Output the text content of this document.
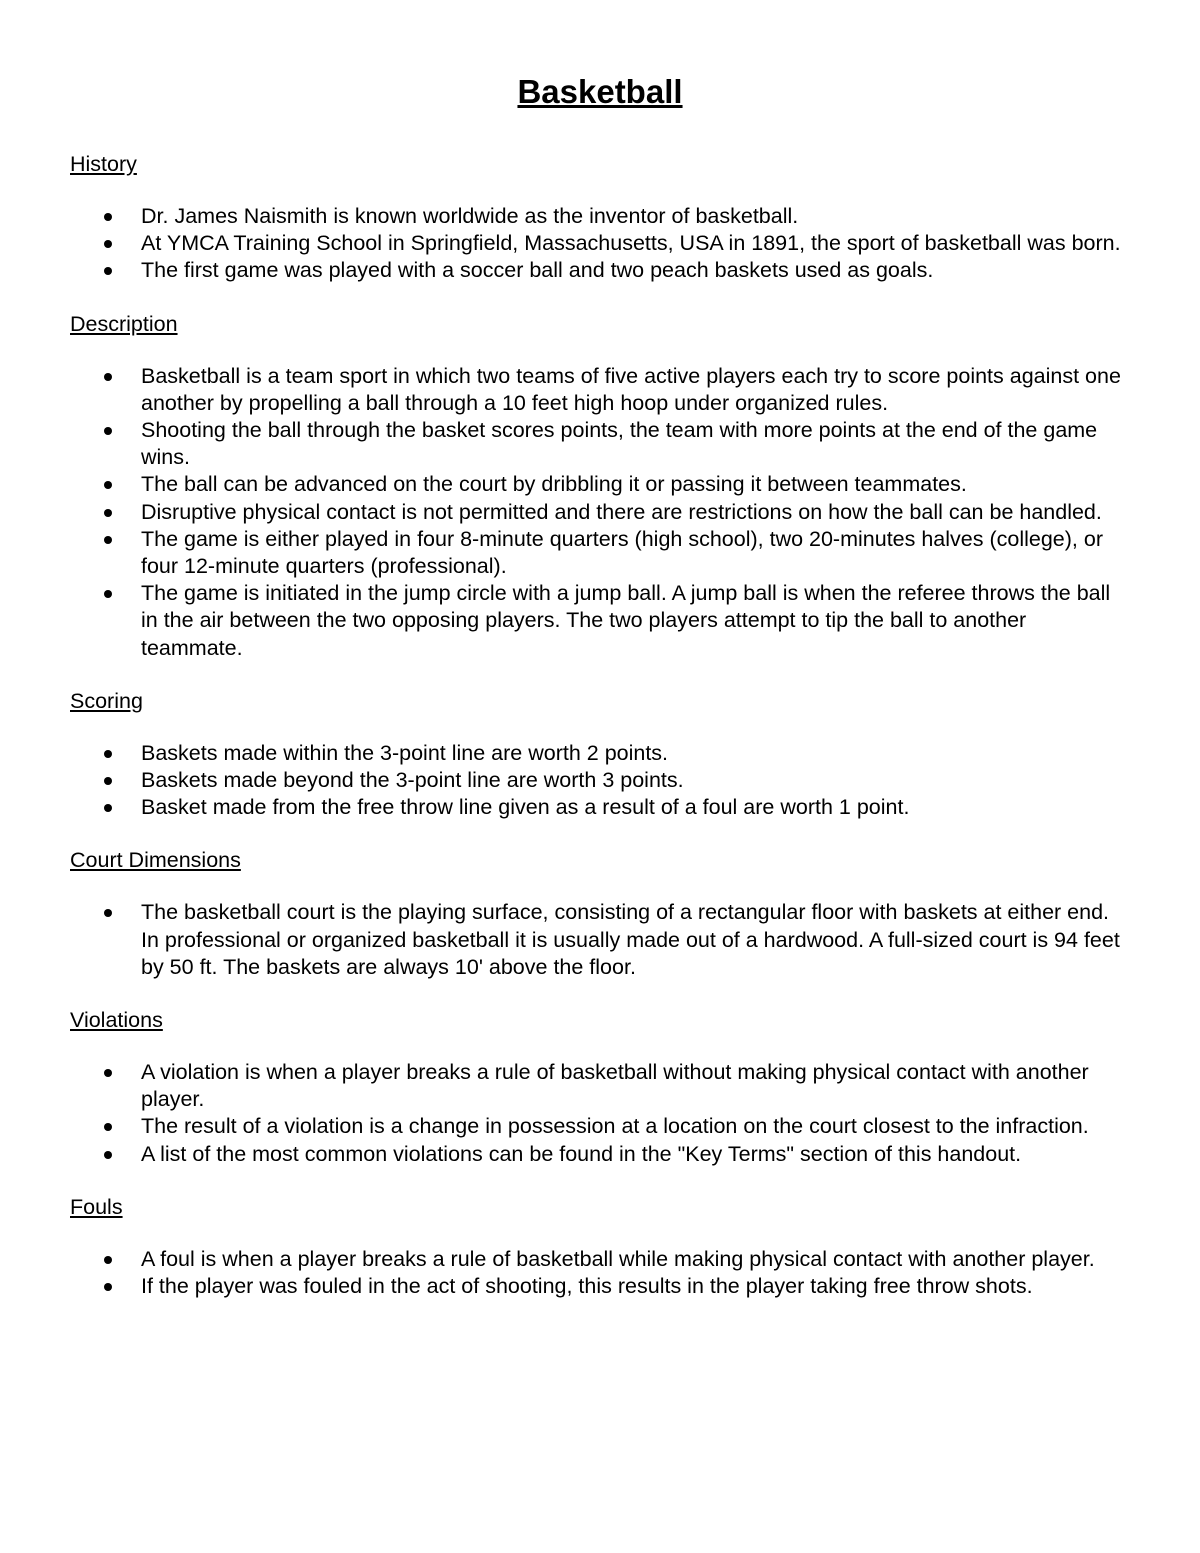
Basketball

History

Dr. James Naismith is known worldwide as the inventor of basketball.
At YMCA Training School in Springfield, Massachusetts, USA in 1891, the sport of basketball was born.
The first game was played with a soccer ball and two peach baskets used as goals.

Description

Basketball is a team sport in which two teams of five active players each try to score points against one another by propelling a ball through a 10 feet high hoop under organized rules.
Shooting the ball through the basket scores points, the team with more points at the end of the game wins.
The ball can be advanced on the court by dribbling it or passing it between teammates.
Disruptive physical contact is not permitted and there are restrictions on how the ball can be handled.
The game is either played in four 8-minute quarters (high school), two 20-minutes halves (college), or four 12-minute quarters (professional).
The game is initiated in the jump circle with a jump ball. A jump ball is when the referee throws the ball in the air between the two opposing players. The two players attempt to tip the ball to another teammate.

Scoring

Baskets made within the 3-point line are worth 2 points.
Baskets made beyond the 3-point line are worth 3 points.
Basket made from the free throw line given as a result of a foul are worth 1 point.

Court Dimensions

The basketball court is the playing surface, consisting of a rectangular floor with baskets at either end. In professional or organized basketball it is usually made out of a hardwood. A full-sized court is 94 feet by 50 ft. The baskets are always 10' above the floor.

Violations

A violation is when a player breaks a rule of basketball without making physical contact with another player.
The result of a violation is a change in possession at a location on the court closest to the infraction.
A list of the most common violations can be found in the "Key Terms" section of this handout.

Fouls

A foul is when a player breaks a rule of basketball while making physical contact with another player.
If the player was fouled in the act of shooting, this results in the player taking free throw shots.
